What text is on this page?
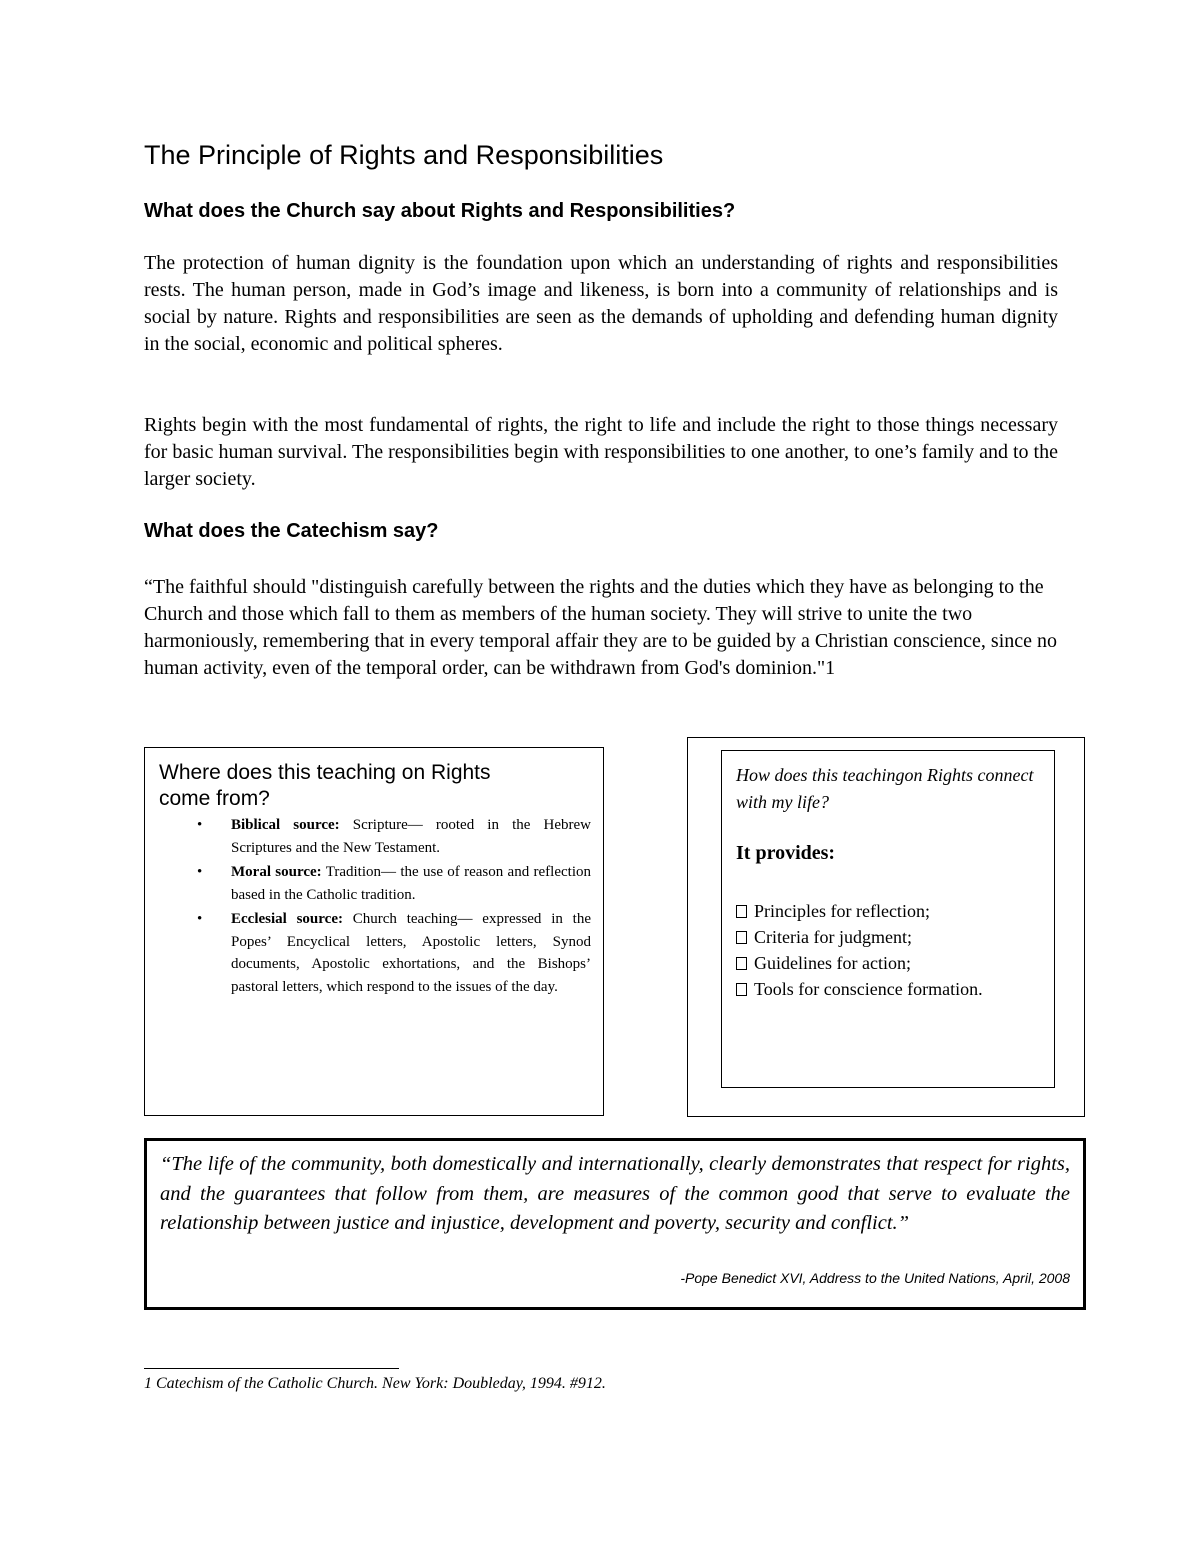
The Principle of Rights and Responsibilities
What does the Church say about Rights and Responsibilities?

The protection of human dignity is the foundation upon which an understanding of rights and responsibilities rests. The human person, made in God’s image and likeness, is born into a community of relationships and is social by nature. Rights and responsibilities are seen as the demands of upholding and defending human dignity in the social, economic and political spheres.

Rights begin with the most fundamental of rights, the right to life and include the right to those things necessary for basic human survival. The responsibilities begin with responsibilities to one another, to one’s family and to the larger society.

What does the Catechism say?

“The faithful should "distinguish carefully between the rights and the duties which they have as belonging to the Church and those which fall to them as members of the human society. They will strive to unite the two harmoniously, remembering that in every temporal affair they are to be guided by a Christian conscience, since no human activity, even of the temporal order, can be withdrawn from God's dominion."1

Where does this teaching on Rights come from?

• Biblical source: Scripture— rooted in the Hebrew Scriptures and the New Testament.
• Moral source: Tradition— the use of reason and reflection based in the Catholic tradition.
• Ecclesial source: Church teaching— expressed in the Popes’ Encyclical letters, Apostolic letters, Synod documents, Apostolic exhortations, and the Bishops’ pastoral letters, which respond to the issues of the day.

How does this teachingon Rights connect with my life?

It provides:

Principles for reflection;
Criteria for judgment;
Guidelines for action;
Tools for conscience formation.

“The life of the community, both domestically and internationally, clearly demonstrates that respect for rights, and the guarantees that follow from them, are measures of the common good that serve to evaluate the relationship between justice and injustice, development and poverty, security and conflict.”

-Pope Benedict XVI, Address to the United Nations, April, 2008

1 Catechism of the Catholic Church. New York: Doubleday, 1994. #912.
